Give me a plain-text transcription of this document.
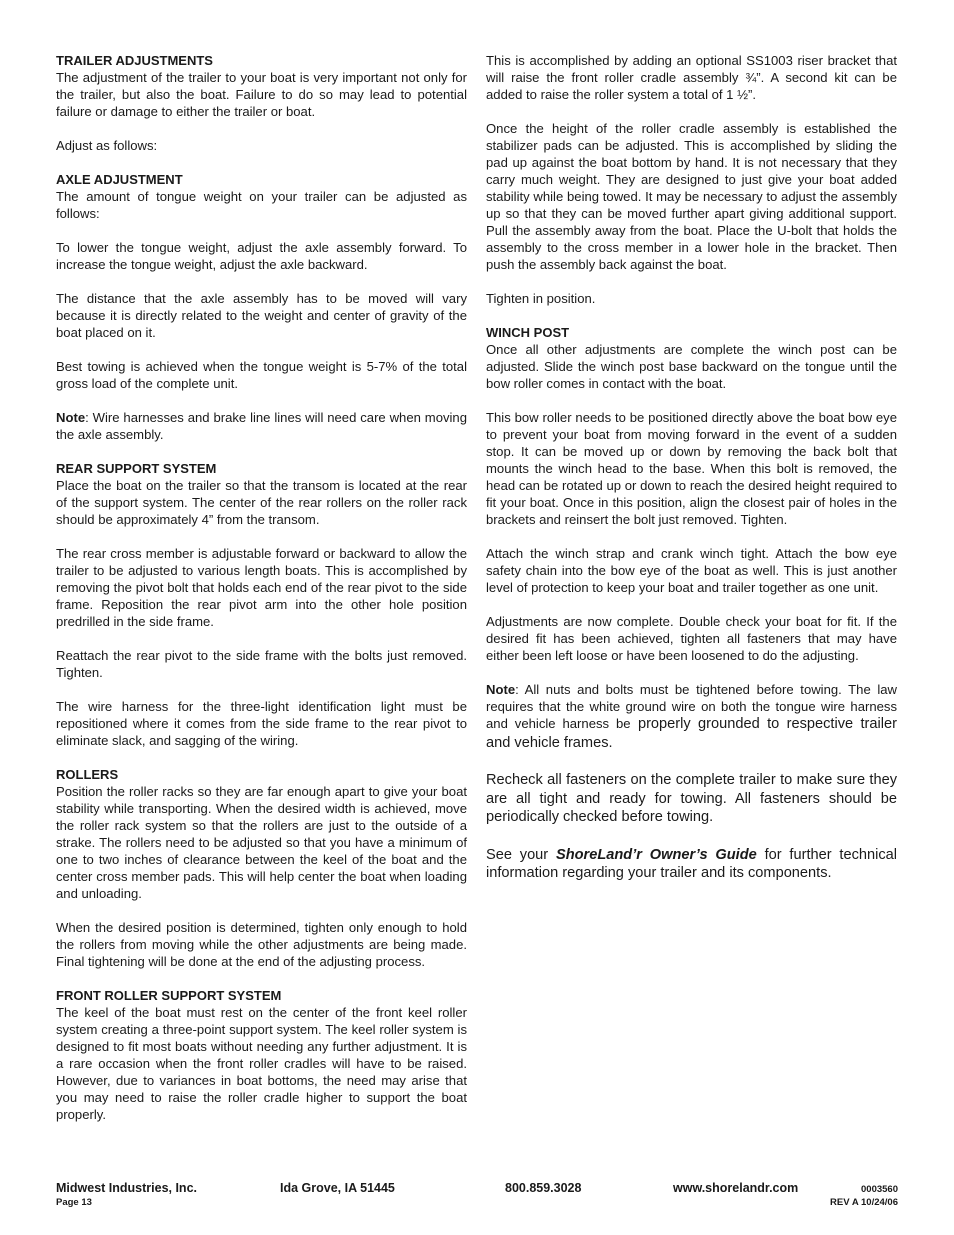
TRAILER ADJUSTMENTS

The adjustment of the trailer to your boat is very important not only for the trailer, but also the boat. Failure to do so may lead to potential failure or damage to either the trailer or boat.

Adjust as follows:

AXLE ADJUSTMENT

The amount of tongue weight on your trailer can be adjusted as follows:

To lower the tongue weight, adjust the axle assembly forward. To increase the tongue weight, adjust the axle backward.

The distance that the axle assembly has to be moved will vary because it is directly related to the weight and center of gravity of the boat placed on it.

Best towing is achieved when the tongue weight is 5-7% of the total gross load of the complete unit.

Note: Wire harnesses and brake line lines will need care when moving the axle assembly.

REAR SUPPORT SYSTEM

Place the boat on the trailer so that the transom is located at the rear of the support system. The center of the rear rollers on the roller rack should be approximately 4” from the transom.

The rear cross member is adjustable forward or backward to allow the trailer to be adjusted to various length boats. This is accomplished by removing the pivot bolt that holds each end of the rear pivot to the side frame. Reposition the rear pivot arm into the other hole position predrilled in the side frame.

Reattach the rear pivot to the side frame with the bolts just removed. Tighten.

The wire harness for the three-light identification light must be repositioned where it comes from the side frame to the rear pivot to eliminate slack, and sagging of the wiring.

ROLLERS

Position the roller racks so they are far enough apart to give your boat stability while transporting. When the desired width is achieved, move the roller rack system so that the rollers are just to the outside of a strake. The rollers need to be adjusted so that you have a minimum of one to two inches of clearance between the keel of the boat and the center cross member pads. This will help center the boat when loading and unloading.

When the desired position is determined, tighten only enough to hold the rollers from moving while the other adjustments are being made. Final tightening will be done at the end of the adjusting process.

FRONT ROLLER SUPPORT SYSTEM

The keel of the boat must rest on the center of the front keel roller system creating a three-point support system. The keel roller system is designed to fit most boats without needing any further adjustment. It is a rare occasion when the front roller cradles will have to be raised. However, due to variances in boat bottoms, the need may arise that you may need to raise the roller cradle higher to support the boat properly.

This is accomplished by adding an optional SS1003 riser bracket that will raise the front roller cradle assembly ¾”. A second kit can be added to raise the roller system a total of 1 ½”.

Once the height of the roller cradle assembly is established the stabilizer pads can be adjusted. This is accomplished by sliding the pad up against the boat bottom by hand. It is not necessary that they carry much weight. They are designed to just give your boat added stability while being towed. It may be necessary to adjust the assembly up so that they can be moved further apart giving additional support. Pull the assembly away from the boat. Place the U-bolt that holds the assembly to the cross member in a lower hole in the bracket. Then push the assembly back against the boat.

Tighten in position.

WINCH POST

Once all other adjustments are complete the winch post can be adjusted. Slide the winch post base backward on the tongue until the bow roller comes in contact with the boat.

This bow roller needs to be positioned directly above the boat bow eye to prevent your boat from moving forward in the event of a sudden stop. It can be moved up or down by removing the back bolt that mounts the winch head to the base. When this bolt is removed, the head can be rotated up or down to reach the desired height required to fit your boat. Once in this position, align the closest pair of holes in the brackets and reinsert the bolt just removed. Tighten.

Attach the winch strap and crank winch tight. Attach the bow eye safety chain into the bow eye of the boat as well. This is just another level of protection to keep your boat and trailer together as one unit.

Adjustments are now complete. Double check your boat for fit. If the desired fit has been achieved, tighten all fasteners that may have either been left loose or have been loosened to do the adjusting.

Note: All nuts and bolts must be tightened before towing. The law requires that the white ground wire on both the tongue wire harness and vehicle harness be properly grounded to respective trailer and vehicle frames.

Recheck all fasteners on the complete trailer to make sure they are all tight and ready for towing. All fasteners should be periodically checked before towing.

See your ShoreLand’r Owner’s Guide for further technical information regarding your trailer and its components.

Midwest Industries, Inc.	Ida Grove, IA 51445	800.859.3028	www.shorelandr.com	0003560
Page 13	REV A 10/24/06
